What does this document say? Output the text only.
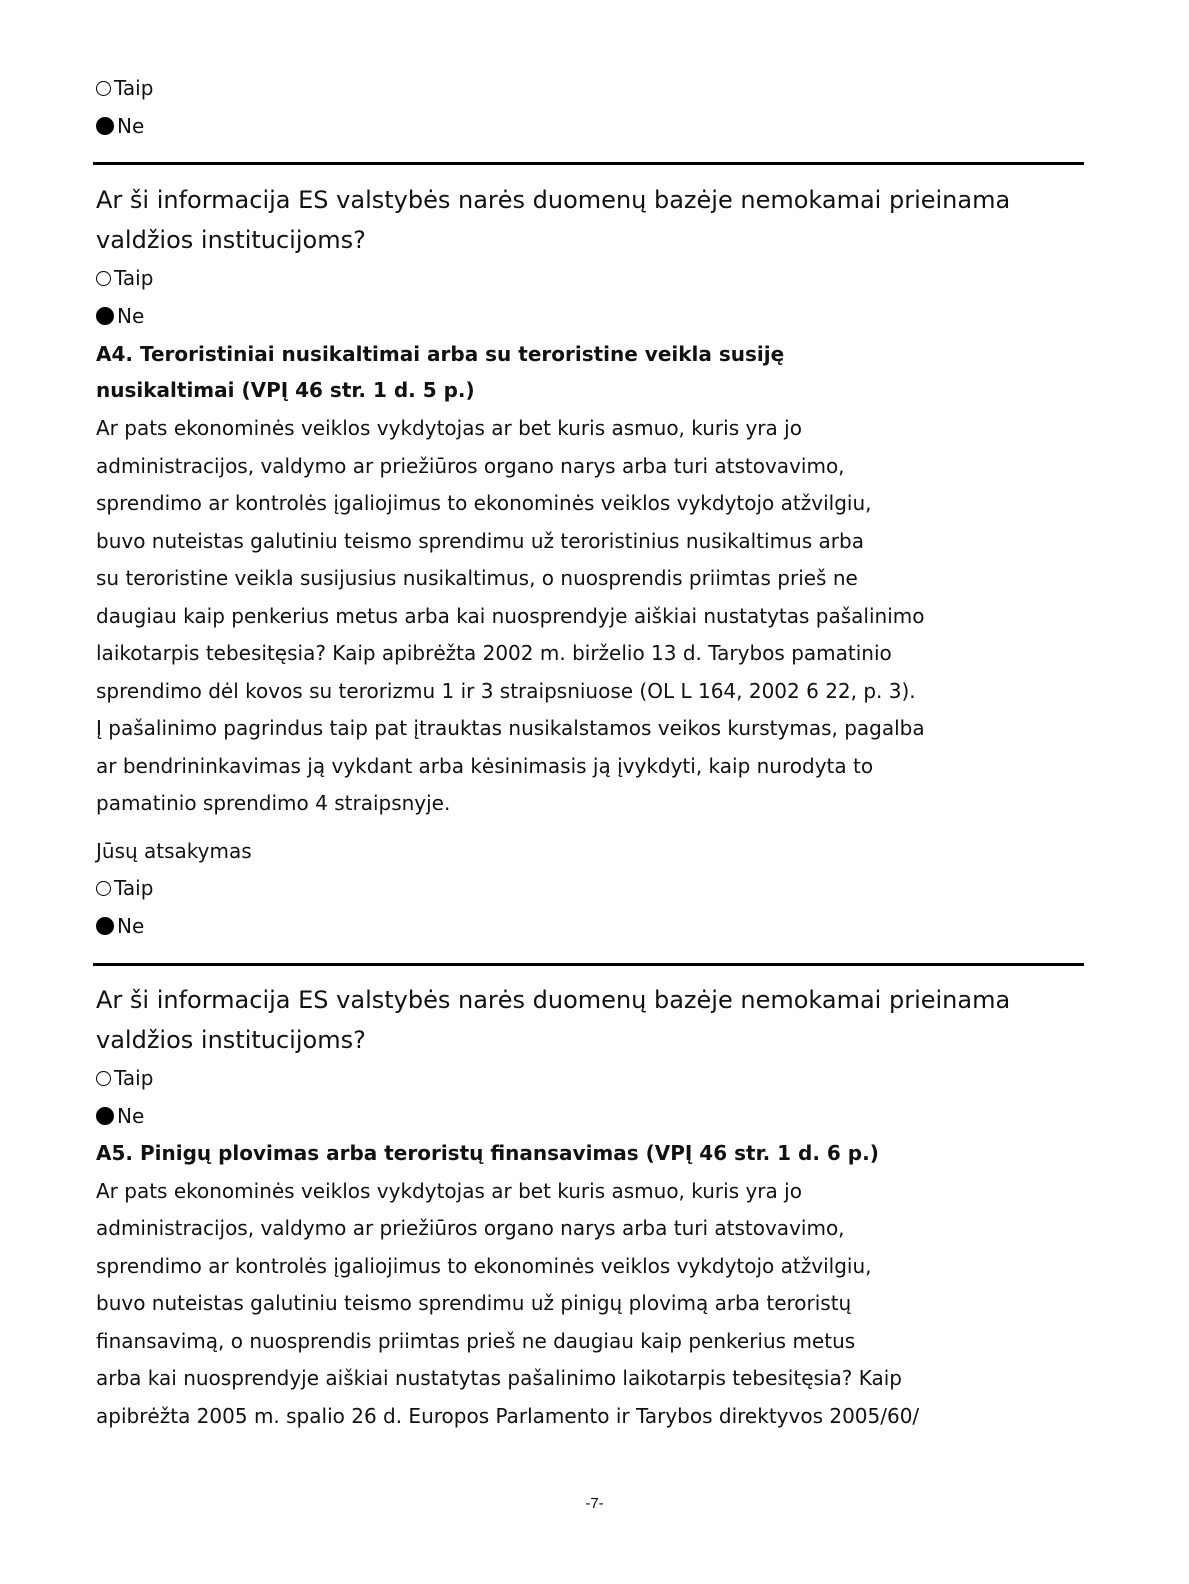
Taip
Ne
Ar ši informacija ES valstybės narės duomenų bazėje nemokamai prieinama
valdžios institucijoms?
Taip
Ne
A4. Teroristiniai nusikaltimai arba su teroristine veikla susiję
nusikaltimai (VPĮ 46 str. 1 d. 5 p.)
Ar pats ekonominės veiklos vykdytojas ar bet kuris asmuo, kuris yra jo
administracijos, valdymo ar priežiūros organo narys arba turi atstovavimo,
sprendimo ar kontrolės įgaliojimus to ekonominės veiklos vykdytojo atžvilgiu,
buvo nuteistas galutiniu teismo sprendimu už teroristinius nusikaltimus arba
su teroristine veikla susijusius nusikaltimus, o nuosprendis priimtas prieš ne
daugiau kaip penkerius metus arba kai nuosprendyje aiškiai nustatytas pašalinimo
laikotarpis tebesitęsia? Kaip apibrėžta 2002 m. birželio 13 d. Tarybos pamatinio
sprendimo dėl kovos su terorizmu 1 ir 3 straipsniuose (OL L 164, 2002 6 22, p. 3).
Į pašalinimo pagrindus taip pat įtrauktas nusikalstamos veikos kurstymas, pagalba
ar bendrininkavimas ją vykdant arba kėsinimasis ją įvykdyti, kaip nurodyta to
pamatinio sprendimo 4 straipsnyje.
Jūsų atsakymas
Taip
Ne
Ar ši informacija ES valstybės narės duomenų bazėje nemokamai prieinama
valdžios institucijoms?
Taip
Ne
A5. Pinigų plovimas arba teroristų finansavimas (VPĮ 46 str. 1 d. 6 p.)
Ar pats ekonominės veiklos vykdytojas ar bet kuris asmuo, kuris yra jo
administracijos, valdymo ar priežiūros organo narys arba turi atstovavimo,
sprendimo ar kontrolės įgaliojimus to ekonominės veiklos vykdytojo atžvilgiu,
buvo nuteistas galutiniu teismo sprendimu už pinigų plovimą arba teroristų
finansavimą, o nuosprendis priimtas prieš ne daugiau kaip penkerius metus
arba kai nuosprendyje aiškiai nustatytas pašalinimo laikotarpis tebesitęsia? Kaip
apibrėžta 2005 m. spalio 26 d. Europos Parlamento ir Tarybos direktyvos 2005/60/
-7-
